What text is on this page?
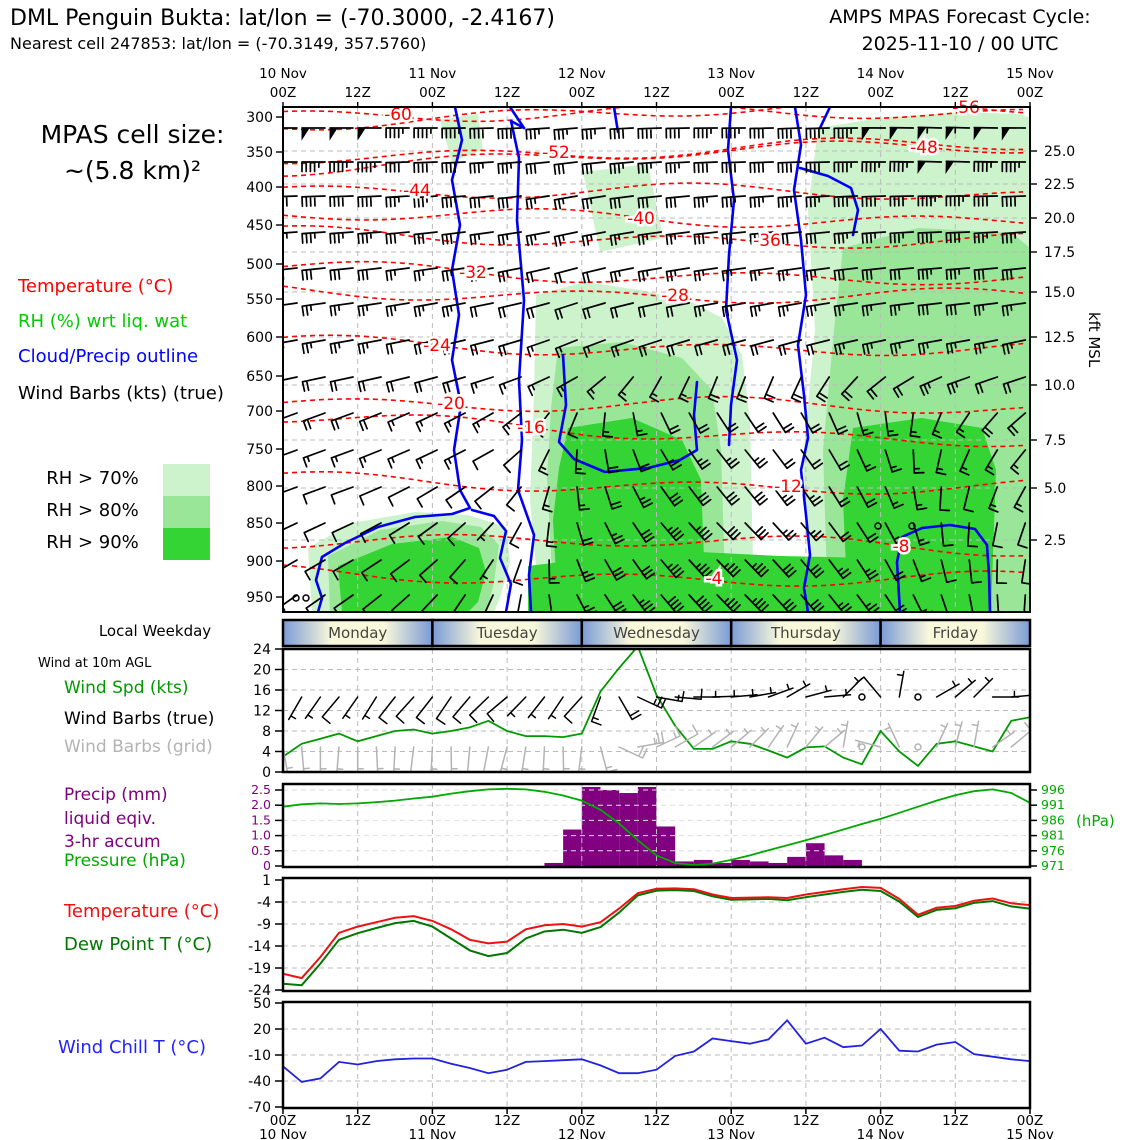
DML Penguin Bukta: lat/lon = (-70.3000, -2.4167)
Nearest cell 247853: lat/lon = (-70.3149, 357.5760)
AMPS MPAS Forecast Cycle:
2025-11-10 / 00 UTC
MPAS cell size:
~(5.8 km)²
Temperature (°C)
RH (%) wrt liq. wat
Cloud/Precip outline
Wind Barbs (kts) (true)
RH > 70%
RH > 80%
RH > 90%
Local Weekday
Wind at 10m AGL
Wind Spd (kts)
Wind Barbs (true)
Wind Barbs (grid)
Precip (mm)
liquid eqiv.
3-hr accum
Pressure (hPa)
Temperature (°C)
Dew Point T (°C)
Wind Chill T (°C)
kft MSL
(hPa)
-60	-56
-52	-48
-44
-40
-36
-32
-28
-24
-20
-16
-12
-8
-4
300
350
400
450
500
550
600
650
700
750
800
850
900
950
25.0
22.5
20.0
17.5
15.0
12.5
10.0
7.5
5.0
2.5
00Z	12Z	00Z	12Z	00Z	12Z	00Z	12Z	00Z	12Z	00Z
10 Nov	11 Nov	12 Nov	13 Nov	14 Nov	15 Nov
Monday	Tuesday	Wednesday	Thursday	Friday
24
20
16
12
8
4
0
2.5
2.0
1.5
1.0
0.5
0
996
991
986
981
976
971
1
-4
-9
-14
-19
-24
50
20
-10
-40
-70
00Z	12Z	00Z	12Z	00Z	12Z	00Z	12Z	00Z	12Z	00Z
10 Nov	11 Nov	12 Nov	13 Nov	14 Nov	15 Nov
